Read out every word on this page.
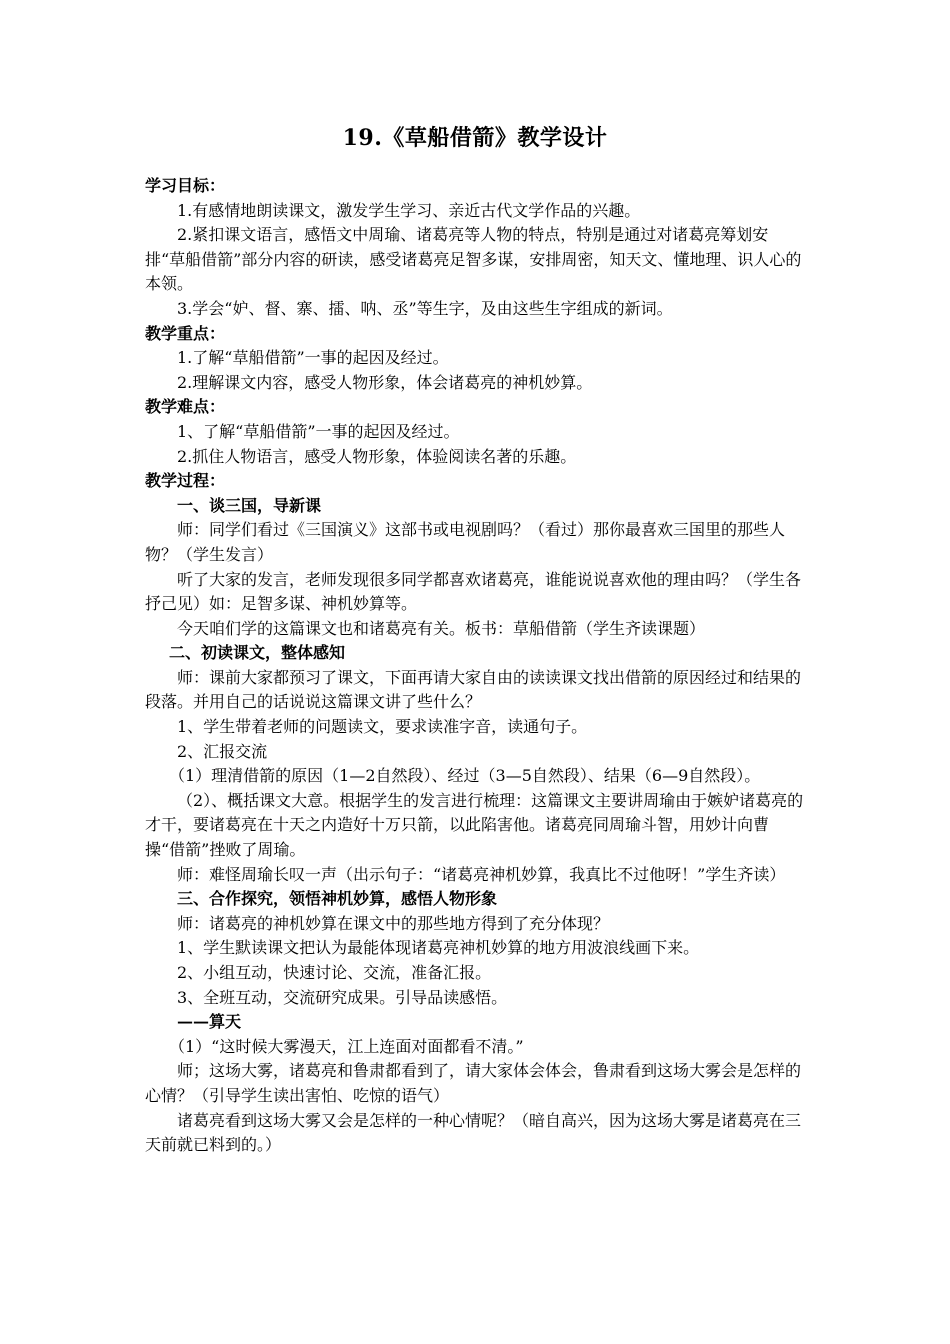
19.《草船借箭》教学设计

学习目标：

1.有感情地朗读课文，激发学生学习、亲近古代文学作品的兴趣。

2.紧扣课文语言，感悟文中周瑜、诸葛亮等人物的特点，特别是通过对诸葛亮筹划安排“草船借箭”部分内容的研读，感受诸葛亮足智多谋，安排周密，知天文、懂地理、识人心的本领。

3.学会“妒、督、寨、擂、呐、丞”等生字，及由这些生字组成的新词。

教学重点：

1.了解“草船借箭”一事的起因及经过。

2.理解课文内容，感受人物形象，体会诸葛亮的神机妙算。

教学难点：

1、了解“草船借箭”一事的起因及经过。

2.抓住人物语言，感受人物形象，体验阅读名著的乐趣。

教学过程：

一、谈三国，导新课

师：同学们看过《三国演义》这部书或电视剧吗？（看过）那你最喜欢三国里的那些人物？（学生发言）

听了大家的发言，老师发现很多同学都喜欢诸葛亮，谁能说说喜欢他的理由吗？（学生各抒己见）如：足智多谋、神机妙算等。

今天咱们学的这篇课文也和诸葛亮有关。板书：草船借箭（学生齐读课题）

二、初读课文，整体感知

师：课前大家都预习了课文，下面再请大家自由的读读课文找出借箭的原因经过和结果的段落。并用自己的话说说这篇课文讲了些什么？

1、学生带着老师的问题读文，要求读准字音，读通句子。

2、汇报交流

（1）理清借箭的原因（1—2自然段）、经过（3—5自然段）、结果（6—9自然段）。

（2）、概括课文大意。根据学生的发言进行梳理：这篇课文主要讲周瑜由于嫉妒诸葛亮的才干，要诸葛亮在十天之内造好十万只箭，以此陷害他。诸葛亮同周瑜斗智，用妙计向曹操“借箭”挫败了周瑜。

师：难怪周瑜长叹一声（出示句子：“诸葛亮神机妙算，我真比不过他呀！”学生齐读）

三、合作探究，领悟神机妙算，感悟人物形象

师：诸葛亮的神机妙算在课文中的那些地方得到了充分体现？

1、学生默读课文把认为最能体现诸葛亮神机妙算的地方用波浪线画下来。

2、小组互动，快速讨论、交流，准备汇报。

3、全班互动，交流研究成果。引导品读感悟。

——算天

（1）“这时候大雾漫天，江上连面对面都看不清。”

师；这场大雾，诸葛亮和鲁肃都看到了，请大家体会体会，鲁肃看到这场大雾会是怎样的心情？（引导学生读出害怕、吃惊的语气）

诸葛亮看到这场大雾又会是怎样的一种心情呢？（暗自高兴，因为这场大雾是诸葛亮在三天前就已料到的。）
